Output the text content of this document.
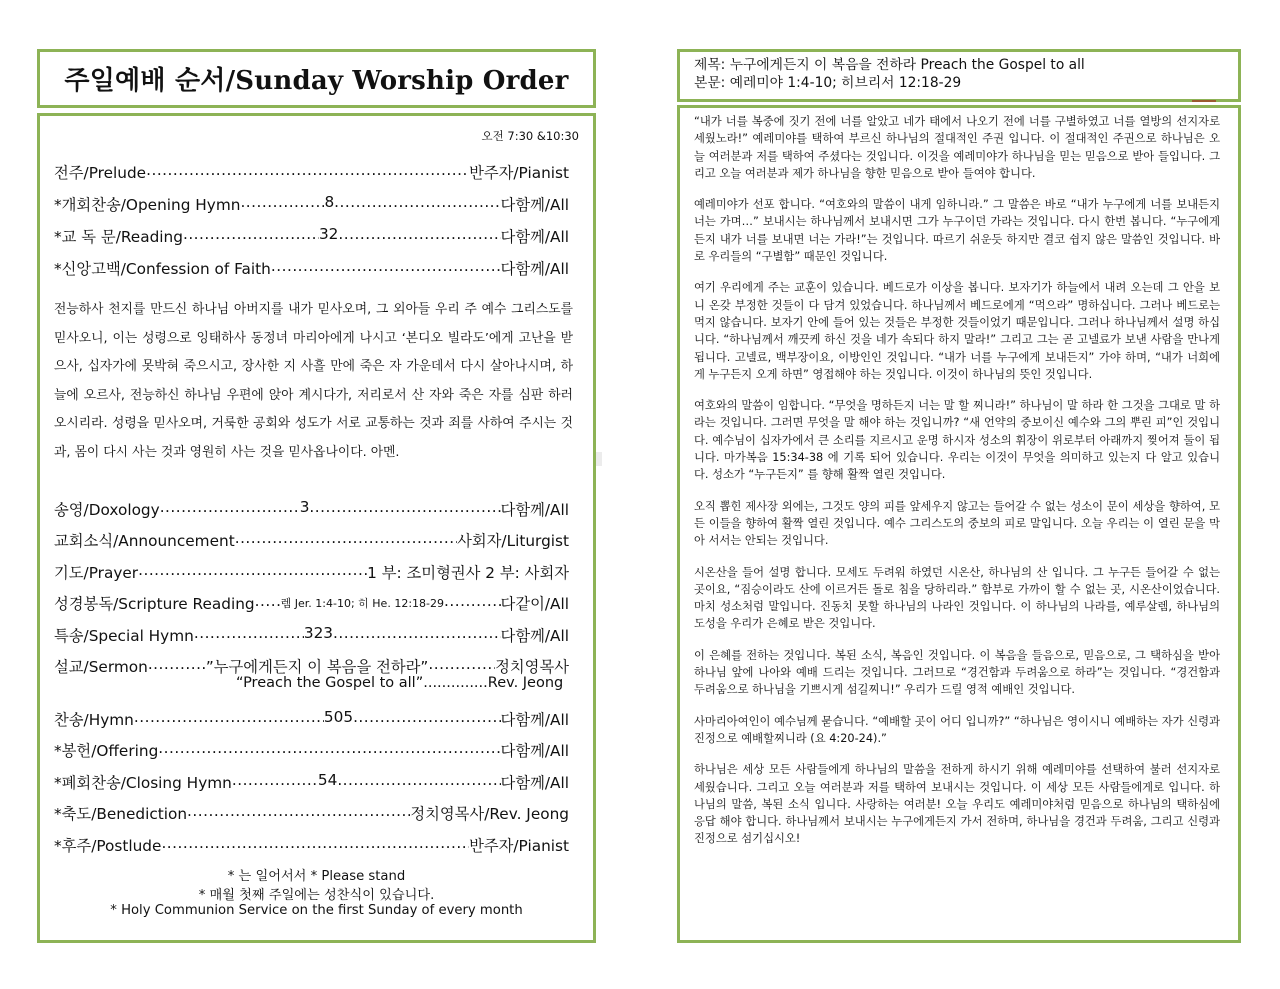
주일예배 순서/Sunday Worship Order
오전 7:30 &10:30
전주/Prelude .....	반주자/Pianist
*개회찬송/Opening Hymn .....	8 .....	다함께/All
*교 독 문/Reading .....	32 .....	다함께/All
*신앙고백/Confession of Faith .....	다함께/All
전능하사 천지를 만드신 하나님 아버지를 내가 믿사오며, 그 외아들 우리 주 예수 그리스도를 믿사오니, 이는 성령으로 잉태하사 동정녀 마리아에게 나시고 ‘본디오 빌라도’에게 고난을 받으사, 십자가에 못박혀 죽으시고, 장사한 지 사흘 만에 죽은 자 가운데서 다시 살아나시며, 하늘에 오르사, 전능하신 하나님 우편에 앉아 계시다가, 저리로서 산 자와 죽은 자를 심판 하러 오시리라. 성령을 믿사오며, 거룩한 공회와 성도가 서로 교통하는 것과 죄를 사하여 주시는 것과, 몸이 다시 사는 것과 영원히 사는 것을 믿사옵나이다. 아멘.
송영/Doxology .....	3 .....	다함께/All
교회소식/Announcement .....	사회자/Liturgist
기도/Prayer .....	1 부: 조미형권사 2 부: 사회자
성경봉독/Scripture Reading ..... 렘 Jer. 1:4-10; 히 He. 12:18-29 .....	다같이/All
특송/Special Hymn .....	323 .....	다함께/All
설교/Sermon .....	”누구에게든지 이 복음을 전하라” .....	정치영목사
“Preach the Gospel to all”..............Rev. Jeong
찬송/Hymn .....	505 .....	다함께/All
*봉헌/Offering .....	다함께/All
*폐회찬송/Closing Hymn .....	54 .....	다함께/All
*축도/Benediction .....	정치영목사/Rev. Jeong
*후주/Postlude .....	반주자/Pianist
* 는 일어서서 * Please stand
* 매월 첫째 주일에는 성찬식이 있습니다.
* Holy Communion Service on the first Sunday of every month
제목: 누구에게든지 이 복음을 전하라 Preach the Gospel to all
본문: 예레미야 1:4-10; 히브리서 12:18-29

“내가 너를 복중에 짓기 전에 너를 알았고 네가 태에서 나오기 전에 너를 구별하였고 너를 열방의 선지자로 세웠노라!” 예레미야를 택하여 부르신 하나님의 절대적인 주권 입니다. 이 절대적인 주권으로 하나님은 오늘 여러분과 저를 택하여 주셨다는 것입니다. 이것을 예레미야가 하나님을 믿는 믿음으로 받아 들입니다. 그리고 오늘 여러분과 제가 하나님을 향한 믿음으로 받아 들여야 합니다.

예레미야가 선포 합니다. “여호와의 말씀이 내게 임하니라.” 그 말씀은 바로 “내가 누구에게 너를 보내든지 너는 가며…” 보내시는 하나님께서 보내시면 그가 누구이던 가라는 것입니다. 다시 한번 봅니다. “누구에게든지 내가 너를 보내면 너는 가라!”는 것입니다. 따르기 쉬운듯 하지만 결코 쉽지 않은 말씀인 것입니다. 바로 우리들의 “구별함” 때문인 것입니다.

여기 우리에게 주는 교훈이 있습니다. 베드로가 이상을 봅니다. 보자기가 하늘에서 내려 오는데 그 안을 보니 온갖 부정한 것들이 다 담겨 있었습니다. 하나님께서 베드로에게 “먹으라” 명하십니다. 그러나 베드로는 먹지 않습니다. 보자기 안에 들어 있는 것들은 부정한 것들이었기 때문입니다. 그러나 하나님께서 설명 하십니다. “하나님께서 깨끗케 하신 것을 네가 속되다 하지 말라!” 그리고 그는 곧 고넬료가 보낸 사람을 만나게 됩니다. 고넬료, 백부장이요, 이방인인 것입니다. “내가 너를 누구에게 보내든지” 가야 하며, “내가 너희에게 누구든지 오게 하면” 영접해야 하는 것입니다. 이것이 하나님의 뜻인 것입니다.

여호와의 말씀이 임합니다. “무엇을 명하든지 너는 말 할 찌니라!” 하나님이 말 하라 한 그것을 그대로 말 하라는 것입니다. 그러면 무엇을 말 해야 하는 것입니까? “새 언약의 중보이신 예수와 그의 뿌린 피”인 것입니다. 예수님이 십자가에서 큰 소리를 지르시고 운명 하시자 성소의 휘장이 위로부터 아래까지 찢어져 둘이 됩니다. 마가복음 15:34-38 에 기록 되어 있습니다. 우리는 이것이 무엇을 의미하고 있는지 다 알고 있습니다. 성소가 “누구든지” 를 향해 활짝 열린 것입니다.

오직 뽑힌 제사장 외에는, 그것도 양의 피를 앞세우지 않고는 들어갈 수 없는 성소이 문이 세상을 향하여, 모든 이들을 향하여 활짝 열린 것입니다. 예수 그리스도의 중보의 피로 말입니다. 오늘 우리는 이 열린 문을 막아 서서는 안되는 것입니다.

시온산을 들어 설명 합니다. 모세도 두려워 하였던 시온산, 하나님의 산 입니다. 그 누구든 들어갈 수 없는 곳이요, “짐승이라도 산에 이르거든 돌로 침을 당하리라.” 함부로 가까이 할 수 없는 곳, 시온산이었습니다. 마치 성소처럼 말입니다. 진동치 못할 하나님의 나라인 것입니다. 이 하나님의 나라를, 예루살렘, 하나님의 도성을 우리가 은혜로 받은 것입니다.

이 은혜를 전하는 것입니다. 복된 소식, 복음인 것입니다. 이 복음을 들음으로, 믿음으로, 그 택하심을 받아 하나님 앞에 나아와 예배 드리는 것입니다. 그러므로 “경건함과 두려움으로 하라”는 것입니다. “경건함과 두려움으로 하나님을 기쁘시게 섬길찌니!” 우리가 드릴 영적 예배인 것입니다.

사마리아여인이 예수님께 묻습니다. “예배할 곳이 어디 입니까?” “하나님은 영이시니 예배하는 자가 신령과 진정으로 예배할찌니라 (요 4:20-24).”

하나님은 세상 모든 사람들에게 하나님의 말씀을 전하게 하시기 위해 예레미야를 선택하여 불러 선지자로 세웠습니다. 그리고 오늘 여러분과 저를 택하여 보내시는 것입니다. 이 세상 모든 사람들에게로 입니다. 하나님의 말씀, 복된 소식 입니다. 사랑하는 여러분! 오늘 우리도 예레미야처럼 믿음으로 하나님의 택하심에 응답 해야 합니다. 하나님께서 보내시는 누구에게든지 가서 전하며, 하나님을 경건과 두려움, 그리고 신령과 진정으로 섬기십시오!
